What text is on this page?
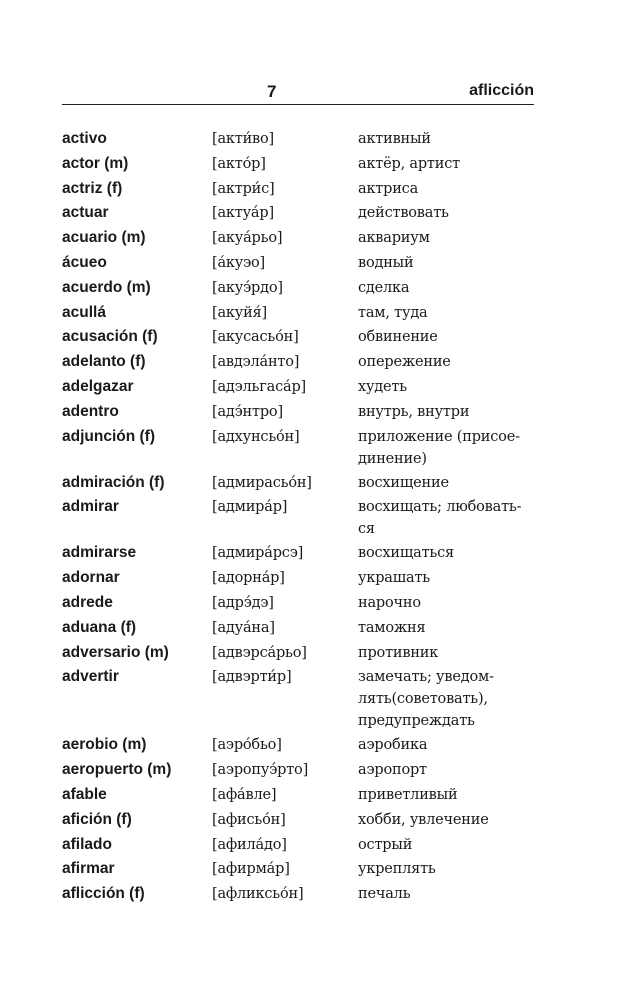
7	aflicción
activo	[акти́во]	активный
actor (m)	[акто́р]	актёр, артист
actriz (f)	[актри́с]	актриса
actuar	[актуа́р]	действовать
acuario (m)	[акуа́рьо]	аквариум
ácueo	[а́куэо]	водный
acuerdo (m)	[акуэ́рдо]	сделка
acullá	[акуйя́]	там, туда
acusación (f)	[акусасьо́н]	обвинение
adelanto (f)	[авдэла́нто]	опережение
adelgazar	[адэльгаса́р]	худеть
adentro	[адэ́нтро]	внутрь, внутри
adjunción (f)	[адхунсьо́н]	приложение (присое-
динение)
admiración (f)	[адмирасьо́н]	восхищение
admirar	[адмира́р]	восхищать; любовать-
ся
admirarse	[адмира́рсэ]	восхищаться
adornar	[адорна́р]	украшать
adrede	[адрэ́дэ]	нарочно
aduana (f)	[адуа́на]	таможня
adversario (m)	[адвэрса́рьо]	противник
advertir	[адвэрти́р]	замечать; уведом-
лять(советовать),
предупреждать
aerobio (m)	[аэро́бьо]	аэробика
aeropuerto (m)	[аэропуэ́рто]	аэропорт
afable	[афа́вле]	приветливый
afición (f)	[афисьо́н]	хобби, увлечение
afilado	[афила́до]	острый
afirmar	[афирма́р]	укреплять
aflicción (f)	[афликсьо́н]	печаль
